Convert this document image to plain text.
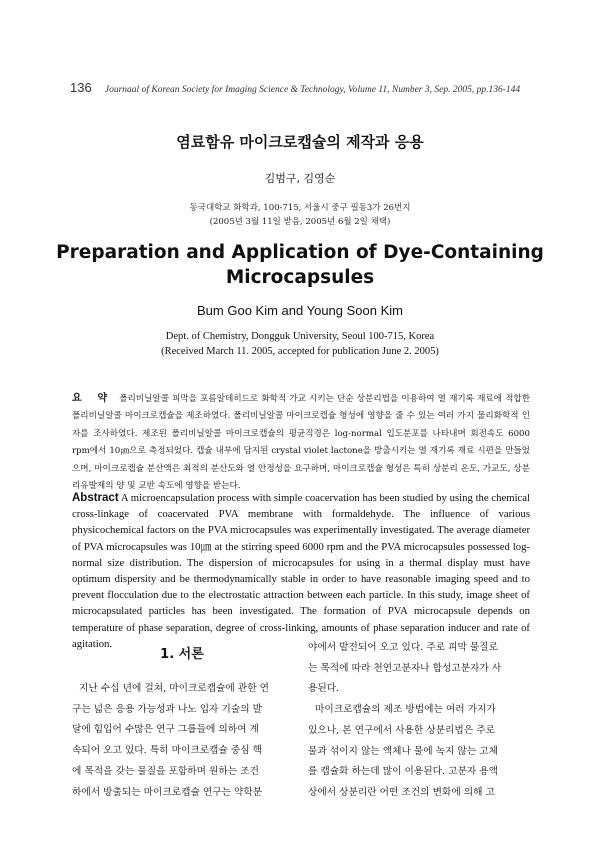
136 Journaal of Korean Society for Imaging Science & Technology, Volume 11, Number 3, Sep. 2005, pp.136-144
염료함유 마이크로캡슐의 제작과 응용
김범구, 김영순
동국대학교 화학과, 100-715, 서울시 중구 필동3가 26번지
(2005년 3월 11일 받음, 2005년 6월 2일 채택)
Preparation and Application of Dye-Containing
Microcapsules
Bum Goo Kim and Young Soon Kim
Dept. of Chemistry, Dongguk University, Seoul 100-715, Korea
(Received March 11. 2005, accepted for publication June 2. 2005)
요 약 폴리비닐알콜 피막을 포름알데히드로 화학적 가교 시키는 단순 상분리법을 이용하여 열 재기록 재료에 적합한 폴리비닐알콜 마이크로캡슐을 제조하였다. 폴리비닐알콜 마이크로캡슐 형성에 영향을 줄 수 있는 여러 가지 물리화학적 인자를 조사하였다. 제조된 폴리비닐알콜 마이크로캡슐의 평균직경은 log-normal 입도분포를 나타내며 회전속도 6000 rpm에서 10㎛으로 측정되었다. 캡슐 내부에 담지된 crystal violet lactone을 방출시키는 열 재기록 재료 시편을 만들었으며, 마이크로캡슐 분산액은 최적의 분산도와 열 안정성을 요구하며, 마이크로캡슐 형성은 특히 상분리 온도, 가교도, 상분리유발제의 양 및 교반 속도에 영향을 받는다.
Abstract A microencapsulation process with simple coacervation has been studied by using the chemical cross-linkage of coacervated PVA membrane with formaldehyde. The influence of various physicochemical factors on the PVA microcapsules was experimentally investigated. The average diameter of PVA microcapsules was 10㎛ at the stirring speed 6000 rpm and the PVA microcapsules possessed log-normal size distribution. The dispersion of microcapsules for using in a thermal display must have optimum dispersity and be thermodynamically stable in order to have reasonable imaging speed and to prevent flocculation due to the electrostatic attraction between each particle. In this study, image sheet of microcapsulated particles has been investigated. The formation of PVA microcapsule depends on temperature of phase separation, degree of cross-linking, amounts of phase separation inducer and rate of agitation.
1. 서론
지난 수십 년에 걸쳐, 마이크로캡슐에 관한 연
구는 넓은 응용 가능성과 나노 입자 기술의 발
달에 힘입어 수많은 연구 그룹들에 의하여 계
속되어 오고 있다. 특히 마이크로캡슐 중심 핵
에 목적을 갖는 물질을 포함하며 원하는 조건
하에서 방출되는 마이크로캡슐 연구는 약학분
야에서 발전되어 오고 있다. 주로 피막 물질로
는 목적에 따라 천연고분자나 합성고분자가 사
용된다.
마이크로캡슐의 제조 방법에는 여러 가지가
있으나, 본 연구에서 사용한 상분리법은 주로
물과 섞이지 않는 액체나 물에 녹지 않는 고체
를 캡슐화 하는데 많이 이용된다. 고분자 용액
상에서 상분리란 어떤 조건의 변화에 의해 고
